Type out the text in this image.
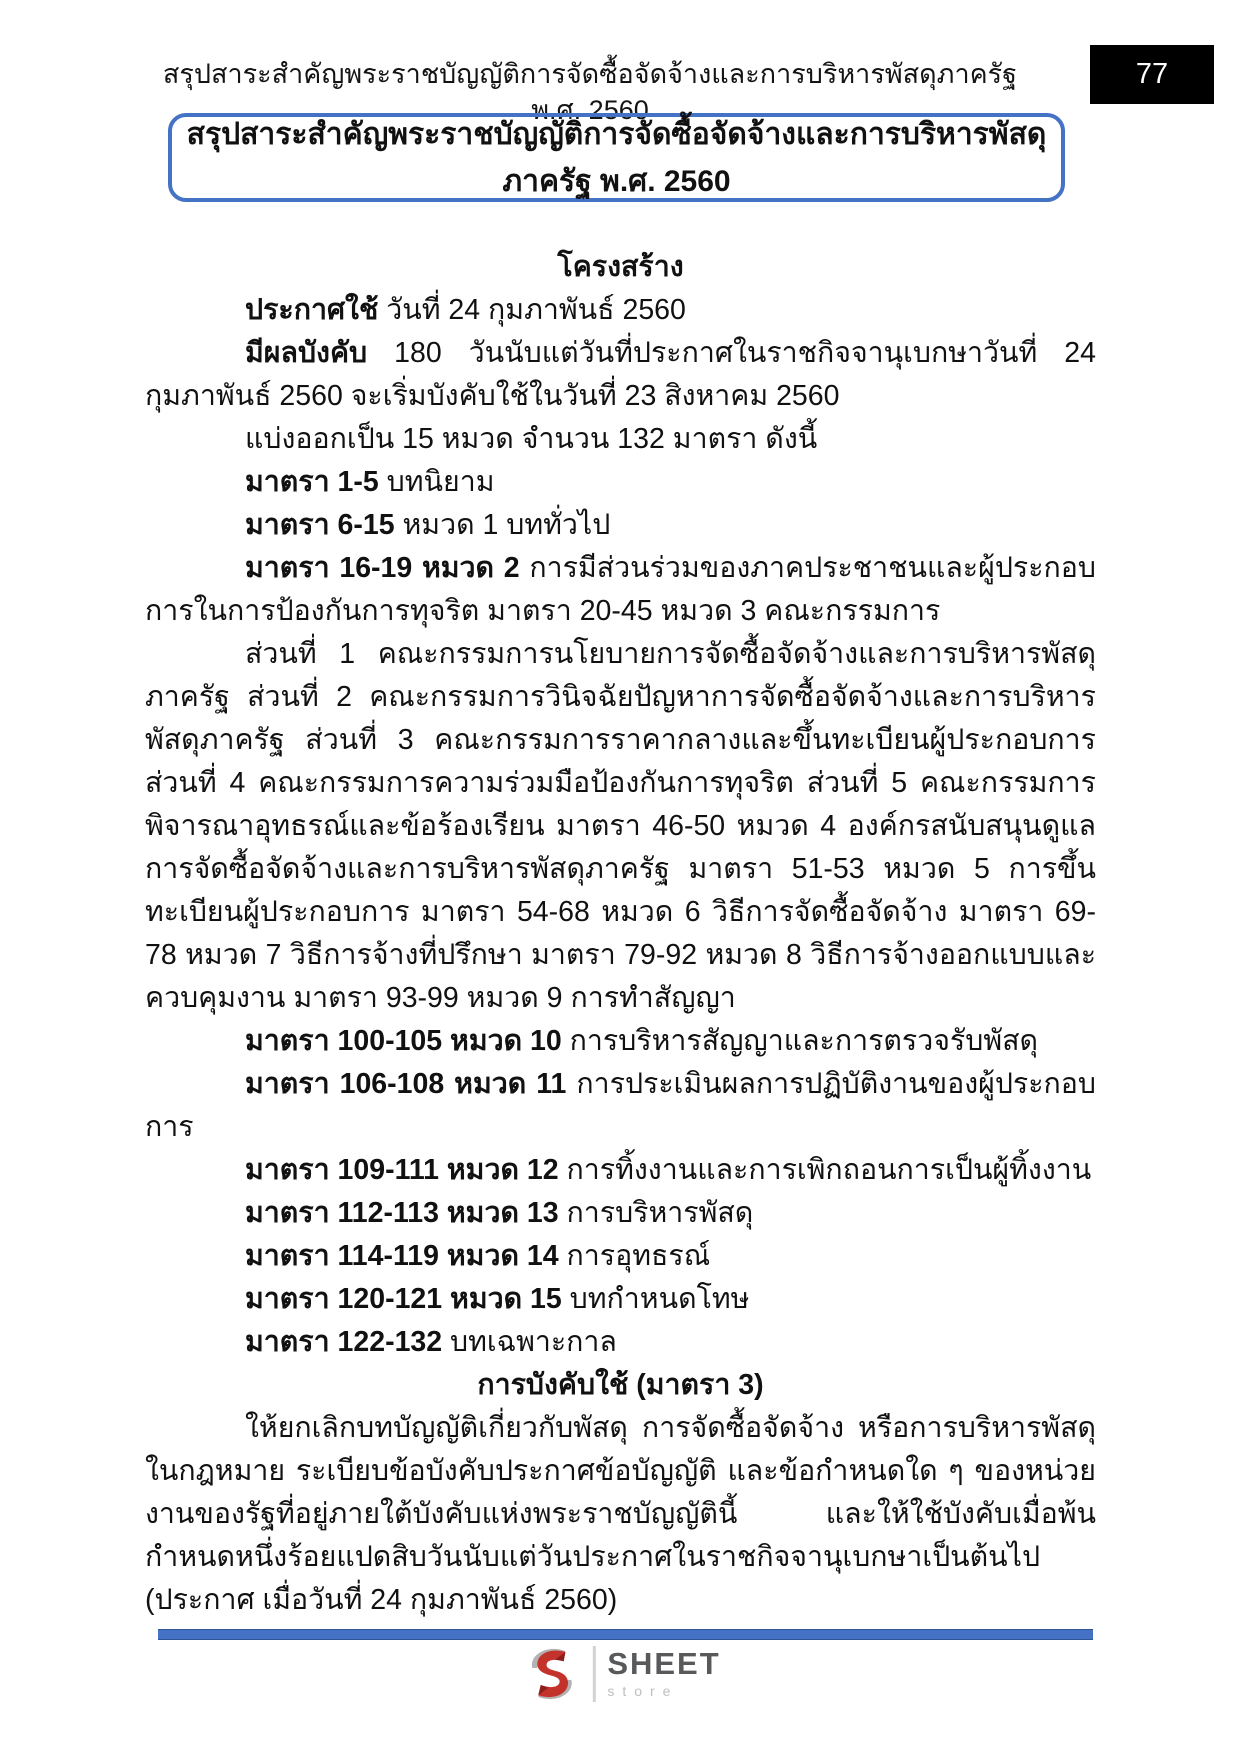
สรุปสาระสำคัญพระราชบัญญัติการจัดซื้อจัดจ้างและการบริหารพัสดุภาครัฐ พ.ศ. 2560
77
สรุปสาระสำคัญพระราชบัญญัติการจัดซื้อจัดจ้างและการบริหารพัสดุภาครัฐ พ.ศ. 2560
โครงสร้าง
ประกาศใช้ วันที่ 24 กุมภาพันธ์ 2560
มีผลบังคับ 180 วันนับแต่วันที่ประกาศในราชกิจจานุเบกษาวันที่ 24 กุมภาพันธ์ 2560 จะเริ่มบังคับใช้ในวันที่ 23 สิงหาคม 2560
แบ่งออกเป็น 15 หมวด จำนวน 132 มาตรา ดังนี้
มาตรา 1-5 บทนิยาม
มาตรา 6-15 หมวด 1 บททั่วไป
มาตรา 16-19 หมวด 2 การมีส่วนร่วมของภาคประชาชนและผู้ประกอบการในการป้องกันการทุจริต มาตรา 20-45 หมวด 3 คณะกรรมการ
ส่วนที่ 1 คณะกรรมการนโยบายการจัดซื้อจัดจ้างและการบริหารพัสดุภาครัฐ ส่วนที่ 2 คณะกรรมการวินิจฉัยปัญหาการจัดซื้อจัดจ้างและการบริหารพัสดุภาครัฐ ส่วนที่ 3 คณะกรรมการราคากลางและขึ้นทะเบียนผู้ประกอบการ ส่วนที่ 4 คณะกรรมการความร่วมมือป้องกันการทุจริต ส่วนที่ 5 คณะกรรมการพิจารณาอุทธรณ์และข้อร้องเรียน มาตรา 46-50 หมวด 4 องค์กรสนับสนุนดูแลการจัดซื้อจัดจ้างและการบริหารพัสดุภาครัฐ มาตรา 51-53 หมวด 5 การขึ้นทะเบียนผู้ประกอบการ มาตรา 54-68 หมวด 6 วิธีการจัดซื้อจัดจ้าง มาตรา 69-78 หมวด 7 วิธีการจ้างที่ปรึกษา มาตรา 79-92 หมวด 8 วิธีการจ้างออกแบบและควบคุมงาน มาตรา 93-99 หมวด 9 การทำสัญญา
มาตรา 100-105 หมวด 10 การบริหารสัญญาและการตรวจรับพัสดุ
มาตรา 106-108 หมวด 11 การประเมินผลการปฏิบัติงานของผู้ประกอบการ
มาตรา 109-111 หมวด 12 การทิ้งงานและการเพิกถอนการเป็นผู้ทิ้งงาน
มาตรา 112-113 หมวด 13 การบริหารพัสดุ
มาตรา 114-119 หมวด 14 การอุทธรณ์
มาตรา 120-121 หมวด 15 บทกำหนดโทษ
มาตรา 122-132 บทเฉพาะกาล
การบังคับใช้ (มาตรา 3)
ให้ยกเลิกบทบัญญัติเกี่ยวกับพัสดุ การจัดซื้อจัดจ้าง หรือการบริหารพัสดุในกฎหมาย ระเบียบข้อบังคับประกาศข้อบัญญัติ และข้อกำหนดใด ๆ ของหน่วยงานของรัฐที่อยู่ภายใต้บังคับแห่งพระราชบัญญัตินี้ และให้ใช้บังคับเมื่อพ้นกำหนดหนึ่งร้อยแปดสิบวันนับแต่วันประกาศในราชกิจจานุเบกษาเป็นต้นไป (ประกาศ เมื่อวันที่ 24 กุมภาพันธ์ 2560)
SHEET
store
